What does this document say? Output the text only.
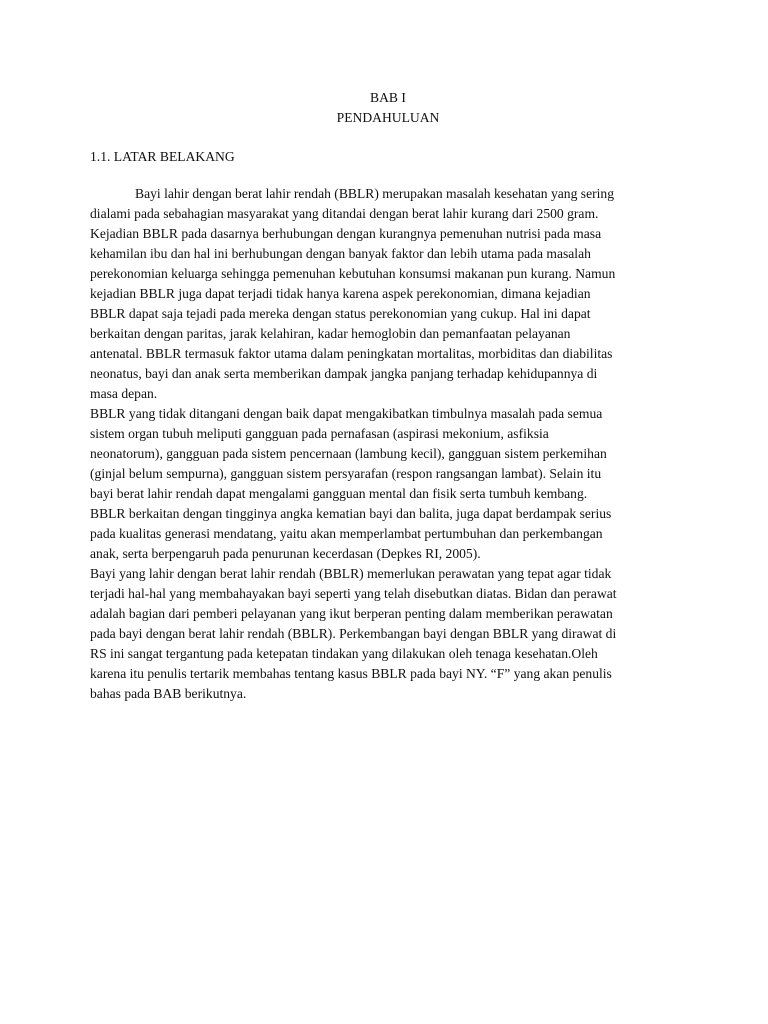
BAB I
PENDAHULUAN
1.1. LATAR BELAKANG

Bayi lahir dengan berat lahir rendah (BBLR) merupakan masalah kesehatan yang sering
dialami pada sebahagian masyarakat yang ditandai dengan berat lahir kurang dari 2500 gram.
Kejadian BBLR pada dasarnya berhubungan dengan kurangnya pemenuhan nutrisi pada masa
kehamilan ibu dan hal ini berhubungan dengan banyak faktor dan lebih utama pada masalah
perekonomian keluarga sehingga pemenuhan kebutuhan konsumsi makanan pun kurang. Namun
kejadian BBLR juga dapat terjadi tidak hanya karena aspek perekonomian, dimana kejadian
BBLR dapat saja tejadi pada mereka dengan status perekonomian yang cukup. Hal ini dapat
berkaitan dengan paritas, jarak kelahiran, kadar hemoglobin dan pemanfaatan pelayanan
antenatal. BBLR termasuk faktor utama dalam peningkatan mortalitas, morbiditas dan diabilitas
neonatus, bayi dan anak serta memberikan dampak jangka panjang terhadap kehidupannya di
masa depan.

BBLR yang tidak ditangani dengan baik dapat mengakibatkan timbulnya masalah pada semua
sistem organ tubuh meliputi gangguan pada pernafasan (aspirasi mekonium, asfiksia
neonatorum), gangguan pada sistem pencernaan (lambung kecil), gangguan sistem perkemihan
(ginjal belum sempurna), gangguan sistem persyarafan (respon rangsangan lambat). Selain itu
bayi berat lahir rendah dapat mengalami gangguan mental dan fisik serta tumbuh kembang.
BBLR berkaitan dengan tingginya angka kematian bayi dan balita, juga dapat berdampak serius
pada kualitas generasi mendatang, yaitu akan memperlambat pertumbuhan dan perkembangan
anak, serta berpengaruh pada penurunan kecerdasan (Depkes RI, 2005).

Bayi yang lahir dengan berat lahir rendah (BBLR) memerlukan perawatan yang tepat agar tidak
terjadi hal-hal yang membahayakan bayi seperti yang telah disebutkan diatas. Bidan dan perawat
adalah bagian dari pemberi pelayanan yang ikut berperan penting dalam memberikan perawatan
pada bayi dengan berat lahir rendah (BBLR). Perkembangan bayi dengan BBLR yang dirawat di
RS ini sangat tergantung pada ketepatan tindakan yang dilakukan oleh tenaga kesehatan.Oleh
karena itu penulis tertarik membahas tentang kasus BBLR pada bayi NY. “F” yang akan penulis
bahas pada BAB berikutnya.
